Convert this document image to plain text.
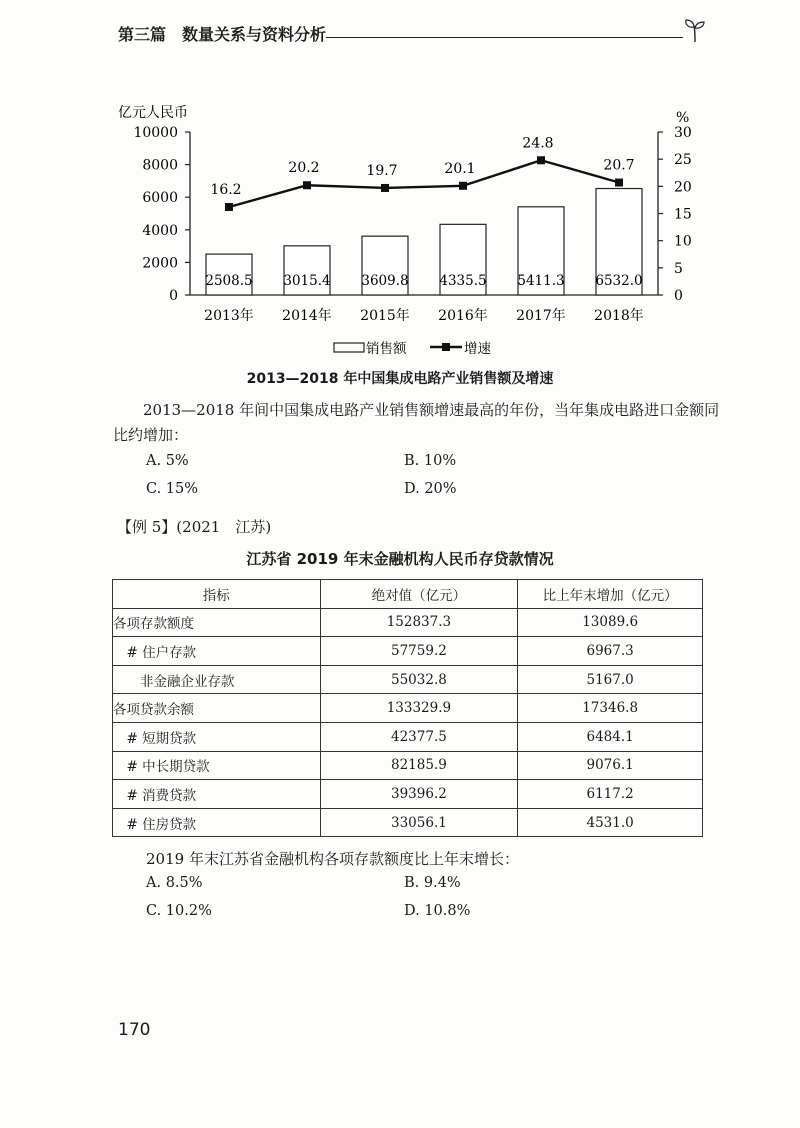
第三篇　数量关系与资料分析
亿元人民币	%
0
2000
4000
6000
8000
10000
0
5
10
15
20
25
30
2508.5
2013年
3015.4
2014年
3609.8
2015年
4335.5
2016年
5411.3
2017年
6532.0
2018年
16.2
20.2	19.7	20.1
24.8
20.7
销售额	增速
2013—2018 年中国集成电路产业销售额及增速
2013—2018 年间中国集成电路产业销售额增速最高的年份，当年集成电路进口金额同比约增加：
A. 5%	B. 10%
C. 15%	D. 20%
【例 5】(2021　江苏)
江苏省 2019 年末金融机构人民币存贷款情况
指标	绝对值（亿元）	比上年末增加（亿元）
各项存款额度	152837.3	13089.6
　# 住户存款	57759.2	6967.3
　　非金融企业存款	55032.8	5167.0
各项贷款余额	133329.9	17346.8
　# 短期贷款	42377.5	6484.1
　# 中长期贷款	82185.9	9076.1
　# 消费贷款	39396.2	6117.2
　# 住房贷款	33056.1	4531.0
2019 年末江苏省金融机构各项存款额度比上年末增长：
A. 8.5%	B. 9.4%
C. 10.2%	D. 10.8%
170
